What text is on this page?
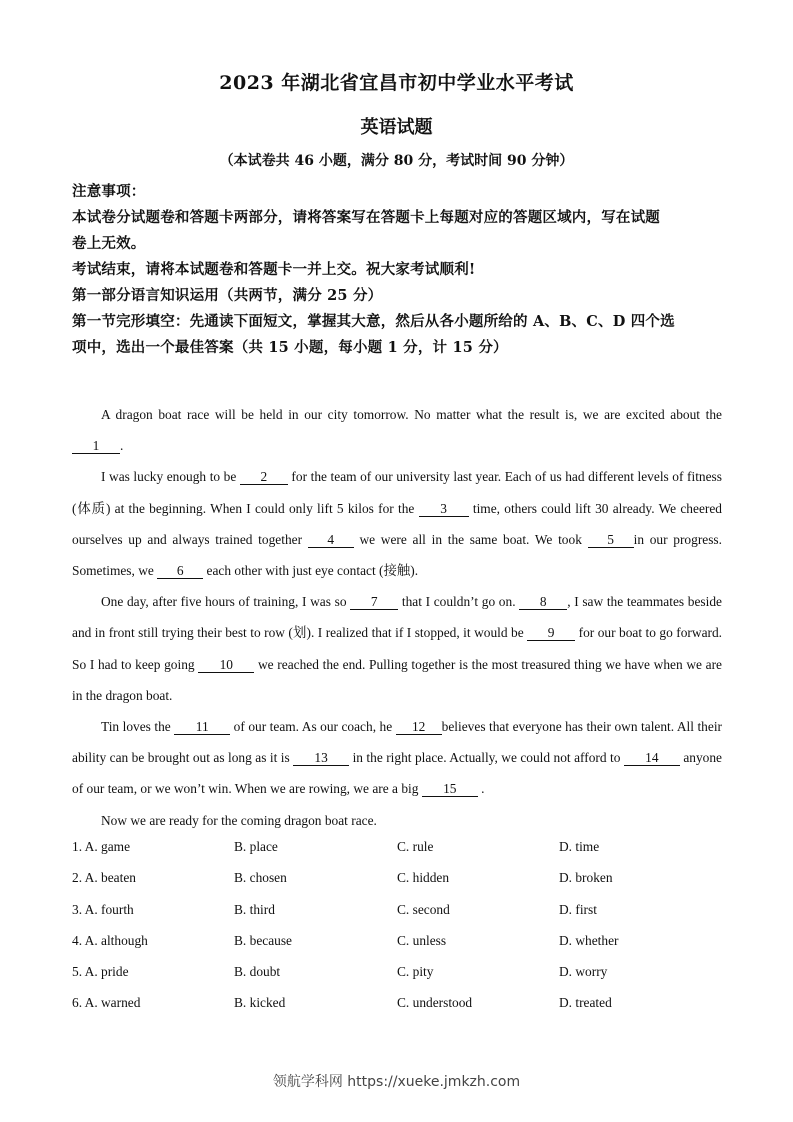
2023 年湖北省宜昌市初中学业水平考试
英语试题
（本试卷共 46 小题，满分 80 分，考试时间 90 分钟）
注意事项：
本试卷分试题卷和答题卡两部分，请将答案写在答题卡上每题对应的答题区域内，写在试题
卷上无效。
考试结束，请将本试题卷和答题卡一并上交。祝大家考试顺利!
第一部分语言知识运用（共两节，满分 25 分）
第一节完形填空：先通读下面短文，掌握其大意，然后从各小题所给的 A、B、C、D 四个选
项中，选出一个最佳答案（共 15 小题，每小题 1 分，计 15 分）

A dragon boat race will be held in our city tomorrow. No matter what the result is, we are excited about the 1 .

I was lucky enough to be 2 for the team of our university last year. Each of us had different levels of fitness (体质) at the beginning. When I could only lift 5 kilos for the 3 time, others could lift 30 already. We cheered ourselves up and always trained together 4 we were all in the same boat. We took 5 in our progress. Sometimes, we 6 each other with just eye contact (接触).

One day, after five hours of training, I was so 7 that I couldn’t go on. 8 , I saw the teammates beside and in front still trying their best to row (划). I realized that if I stopped, it would be 9 for our boat to go forward. So I had to keep going 10 we reached the end. Pulling together is the most treasured thing we have when we are in the dragon boat.

Tin loves the 11 of our team. As our coach, he 12 believes that everyone has their own talent. All their ability can be brought out as long as it is 13 in the right place. Actually, we could not afford to 14 anyone of our team, or we won’t win. When we are rowing, we are a big 15 .

Now we are ready for the coming dragon boat race.

1. A. game	B. place	C. rule	D. time
2. A. beaten	B. chosen	C. hidden	D. broken
3. A. fourth	B. third	C. second	D. first
4. A. although	B. because	C. unless	D. whether
5. A. pride	B. doubt	C. pity	D. worry
6. A. warned	B. kicked	C. understood	D. treated
领航学科网 https://xueke.jmkzh.com
